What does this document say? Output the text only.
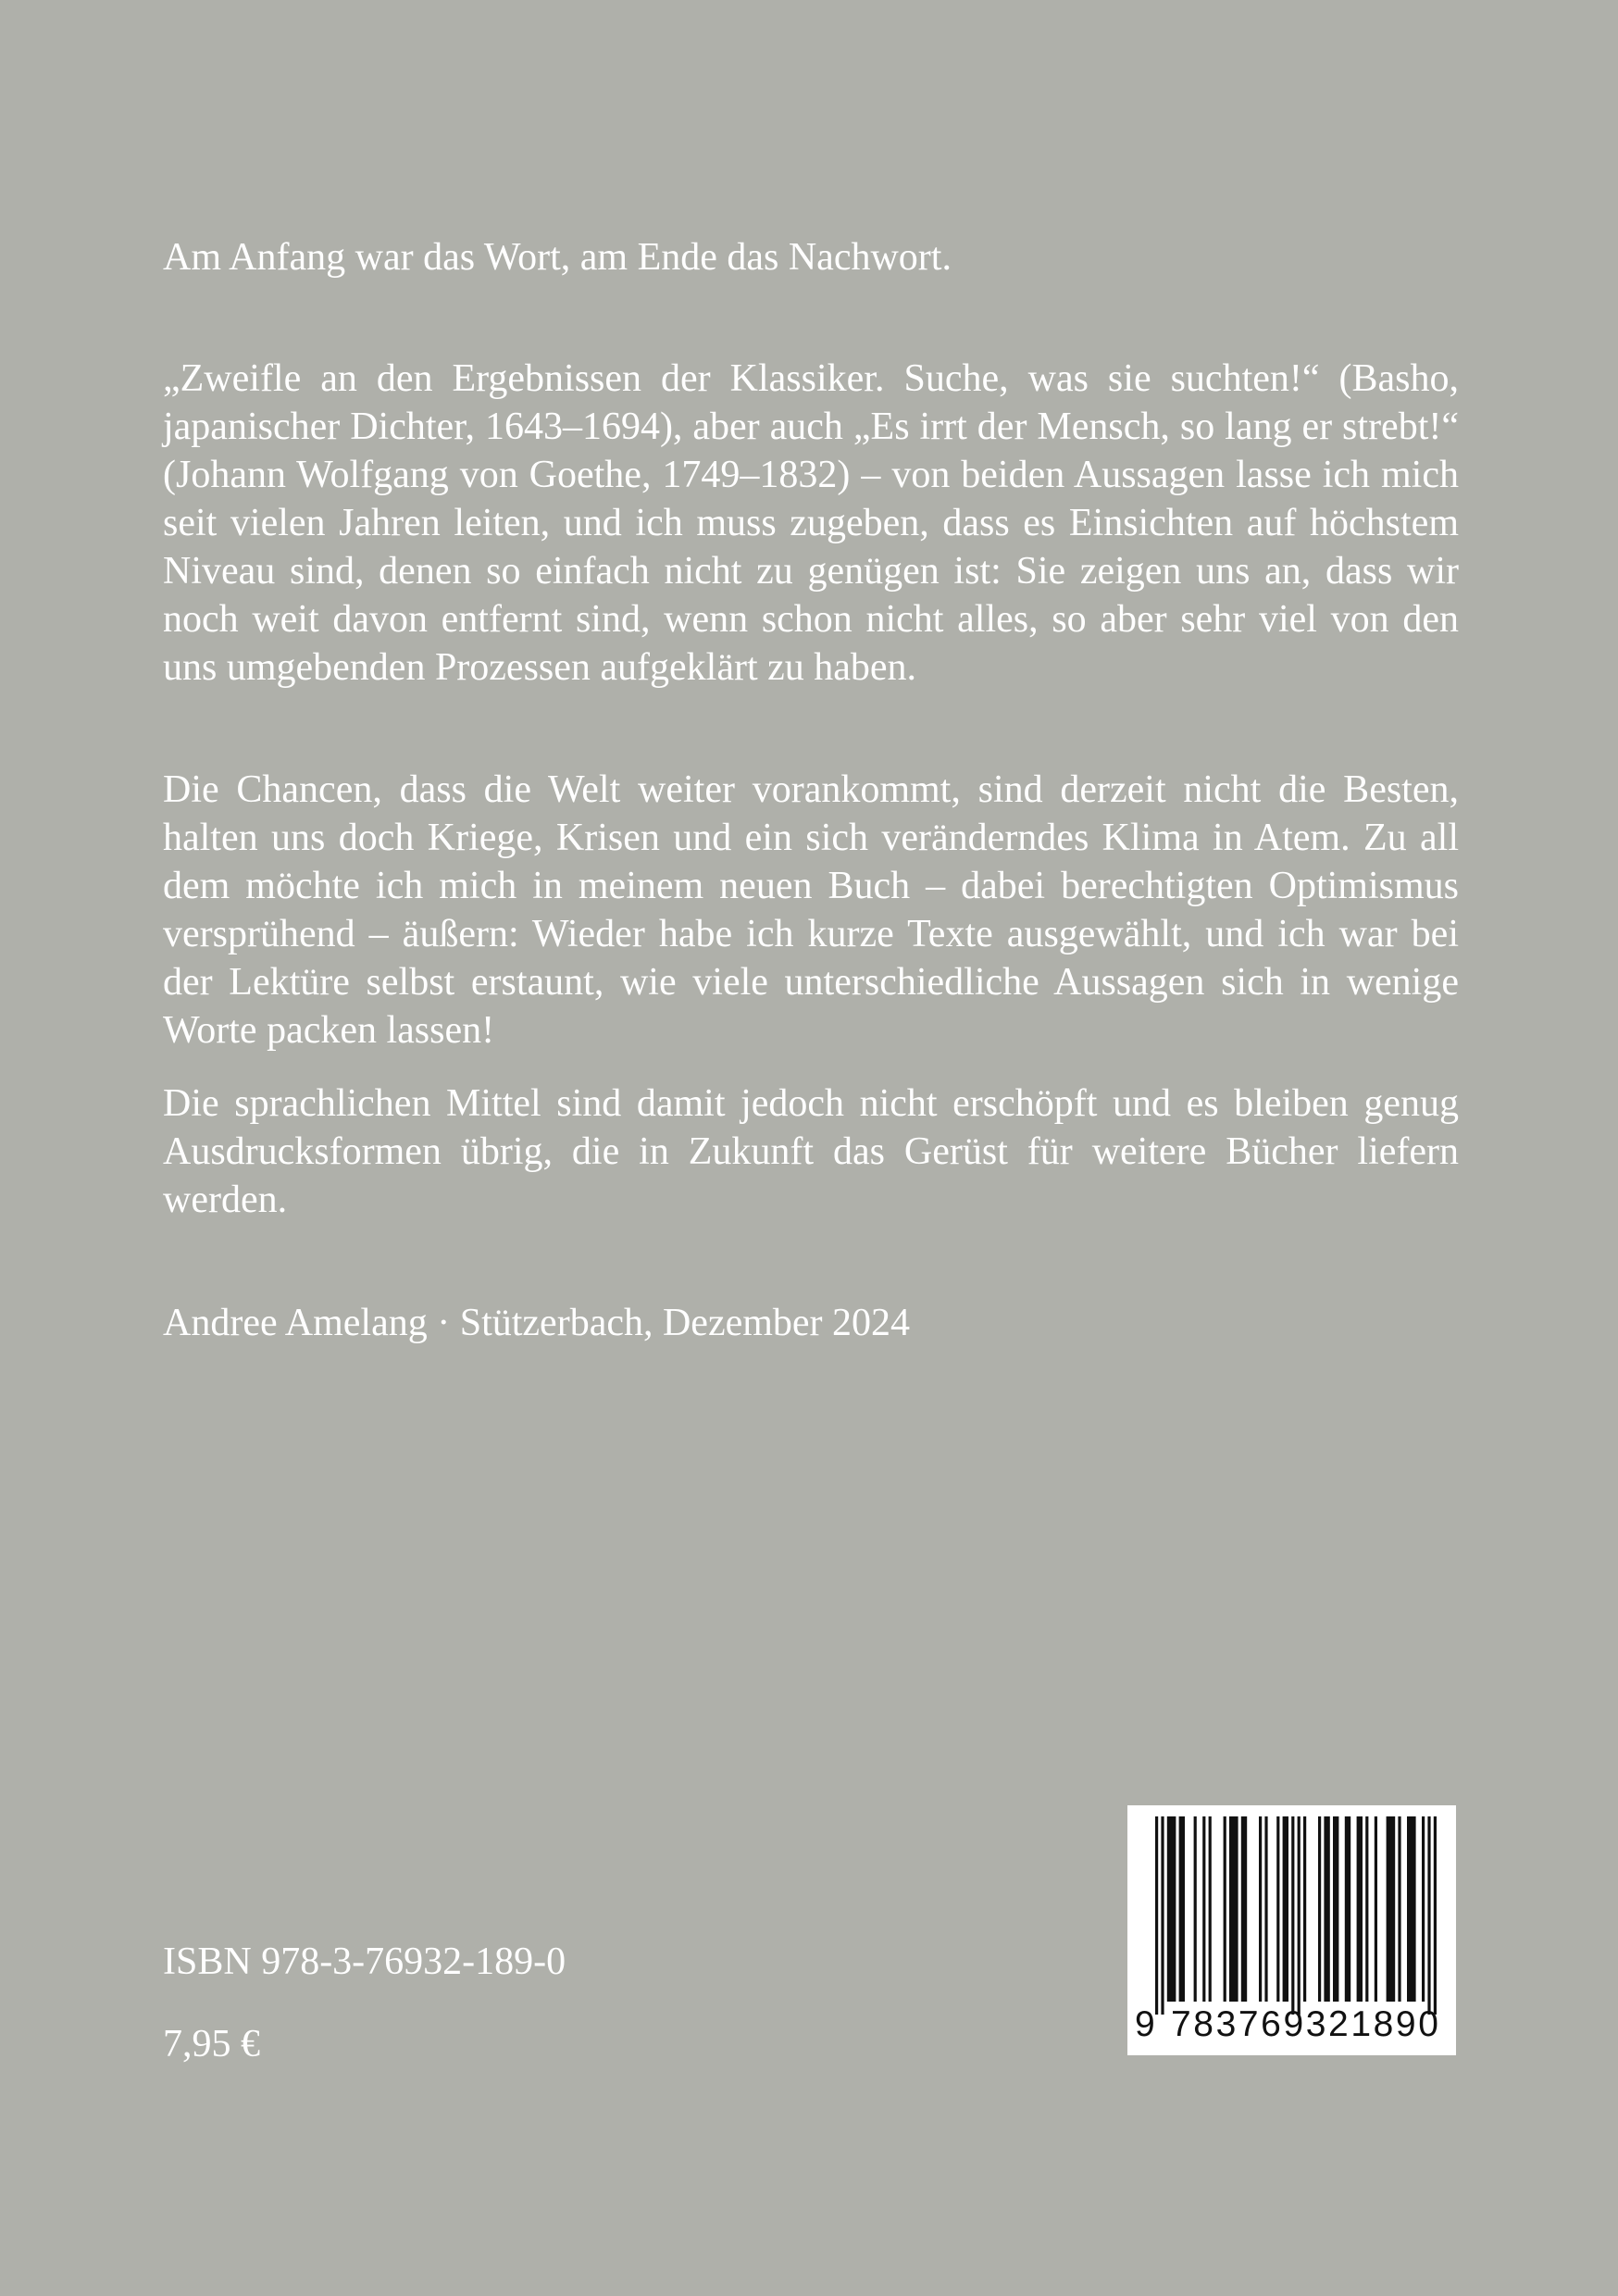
Am Anfang war das Wort, am Ende das Nachwort.

„Zweifle an den Ergebnissen der Klassiker. Suche, was sie suchten!“ (Basho, japanischer Dichter, 1643–1694), aber auch „Es irrt der Mensch, so lang er strebt!“ (Johann Wolfgang von Goethe, 1749–1832) – von beiden Aussagen lasse ich mich seit vielen Jahren leiten, und ich muss zugeben, dass es Einsichten auf höchstem Niveau sind, denen so einfach nicht zu genügen ist: Sie zeigen uns an, dass wir noch weit davon entfernt sind, wenn schon nicht alles, so aber sehr viel von den uns umgebenden Prozessen aufgeklärt zu haben.

Die Chancen, dass die Welt weiter vorankommt, sind derzeit nicht die Besten, halten uns doch Kriege, Krisen und ein sich veränderndes Klima in Atem. Zu all dem möchte ich mich in meinem neuen Buch – dabei berechtigten Optimismus versprühend – äußern: Wieder habe ich kurze Texte ausgewählt, und ich war bei der Lektüre selbst erstaunt, wie viele unterschiedliche Aussagen sich in wenige Worte packen lassen!

Die sprachlichen Mittel sind damit jedoch nicht erschöpft und es bleiben genug Ausdrucksformen übrig, die in Zukunft das Gerüst für weitere Bücher liefern werden.

Andree Amelang · Stützerbach, Dezember 2024

ISBN 978-3-76932-189-0

7,95 €	9 783769321890
